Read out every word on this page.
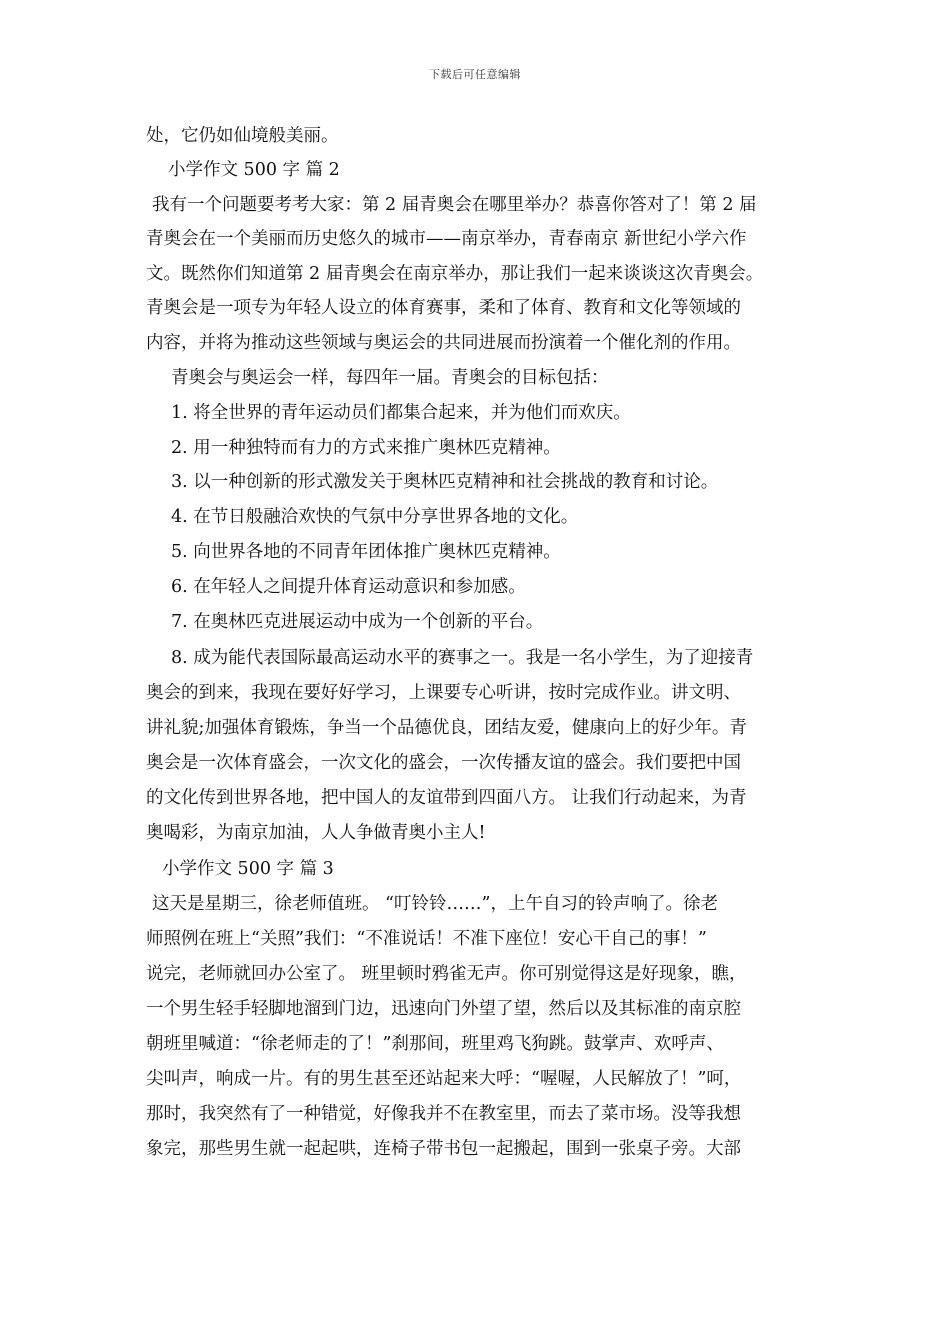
下载后可任意编辑
处，它仍如仙境般美丽。
小学作文 500 字 篇 2
我有一个问题要考考大家：第 2 届青奥会在哪里举办？恭喜你答对了！第 2 届
青奥会在一个美丽而历史悠久的城市——南京举办，青春南京 新世纪小学六作
文。既然你们知道第 2 届青奥会在南京举办，那让我们一起来谈谈这次青奥会。
青奥会是一项专为年轻人设立的体育赛事，柔和了体育、教育和文化等领域的
内容，并将为推动这些领域与奥运会的共同进展而扮演着一个催化剂的作用。
青奥会与奥运会一样，每四年一届。青奥会的目标包括：
1. 将全世界的青年运动员们都集合起来，并为他们而欢庆。
2. 用一种独特而有力的方式来推广奥林匹克精神。
3. 以一种创新的形式激发关于奥林匹克精神和社会挑战的教育和讨论。
4. 在节日般融洽欢快的气氛中分享世界各地的文化。
5. 向世界各地的不同青年团体推广奥林匹克精神。
6. 在年轻人之间提升体育运动意识和参加感。
7. 在奥林匹克进展运动中成为一个创新的平台。
8. 成为能代表国际最高运动水平的赛事之一。我是一名小学生，为了迎接青
奥会的到来，我现在要好好学习，上课要专心听讲，按时完成作业。讲文明、
讲礼貌;加强体育锻炼，争当一个品德优良，团结友爱，健康向上的好少年。青
奥会是一次体育盛会，一次文化的盛会，一次传播友谊的盛会。我们要把中国
的文化传到世界各地，把中国人的友谊带到四面八方。 让我们行动起来，为青
奥喝彩，为南京加油，人人争做青奥小主人!
小学作文 500 字 篇 3
这天是星期三，徐老师值班。 “叮铃铃……”，上午自习的铃声响了。徐老
师照例在班上“关照”我们：“不准说话！不准下座位！安心干自己的事！”
说完，老师就回办公室了。 班里顿时鸦雀无声。你可别觉得这是好现象，瞧，
一个男生轻手轻脚地溜到门边，迅速向门外望了望，然后以及其标准的南京腔
朝班里喊道：“徐老师走的了！”刹那间，班里鸡飞狗跳。鼓掌声、欢呼声、
尖叫声，响成一片。有的男生甚至还站起来大呼：“喔喔，人民解放了！”呵，
那时，我突然有了一种错觉，好像我并不在教室里，而去了菜市场。没等我想
象完，那些男生就一起起哄，连椅子带书包一起搬起，围到一张桌子旁。大部
